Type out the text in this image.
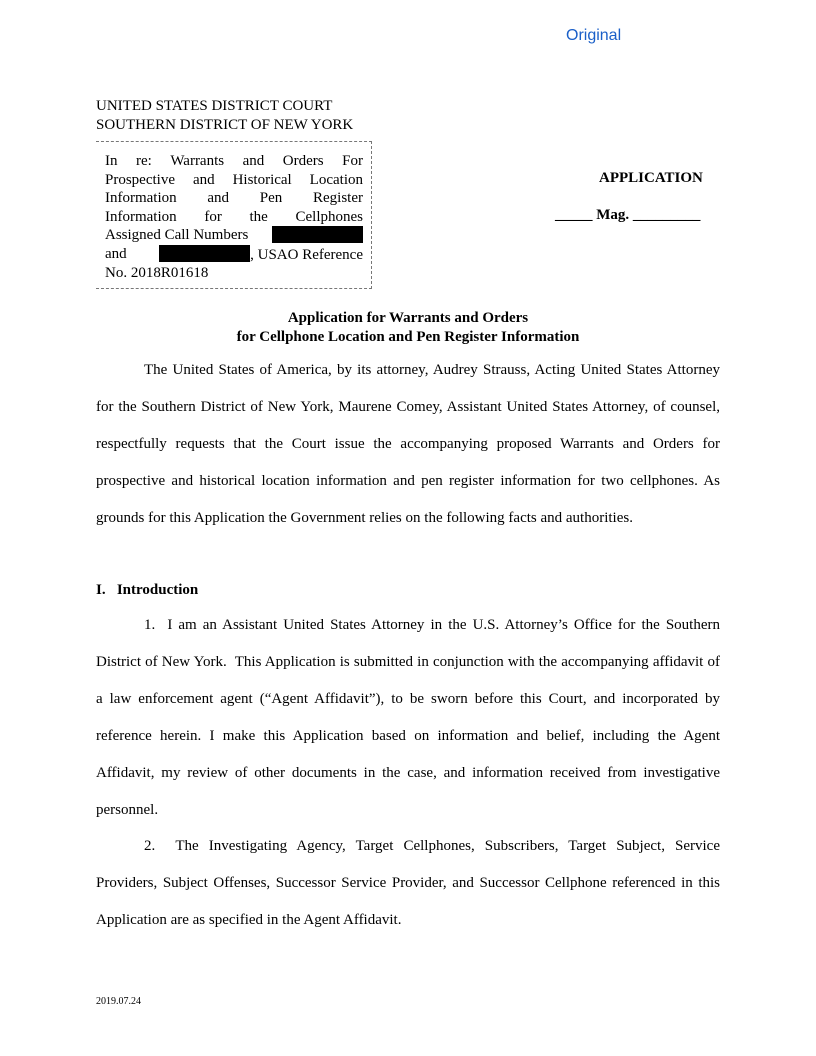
Original
UNITED STATES DISTRICT COURT
SOUTHERN DISTRICT OF NEW YORK
In re: Warrants and Orders For
Prospective and Historical Location
Information and Pen Register
Information for the Cellphones
Assigned Call Numbers
and	, USAO Reference
No. 2018R01618
APPLICATION
_____ Mag. _________
Application for Warrants and Orders
for Cellphone Location and Pen Register Information

The United States of America, by its attorney, Audrey Strauss, Acting United States Attorney for the Southern District of New York, Maurene Comey, Assistant United States Attorney, of counsel, respectfully requests that the Court issue the accompanying proposed Warrants and Orders for prospective and historical location information and pen register information for two cellphones. As grounds for this Application the Government relies on the following facts and authorities.

I.   Introduction

1.  I am an Assistant United States Attorney in the U.S. Attorney’s Office for the Southern District of New York.  This Application is submitted in conjunction with the accompanying affidavit of a law enforcement agent (“Agent Affidavit”), to be sworn before this Court, and incorporated by reference herein. I make this Application based on information and belief, including the Agent Affidavit, my review of other documents in the case, and information received from investigative personnel.

2.  The Investigating Agency, Target Cellphones, Subscribers, Target Subject, Service Providers, Subject Offenses, Successor Service Provider, and Successor Cellphone referenced in this Application are as specified in the Agent Affidavit.

2019.07.24
